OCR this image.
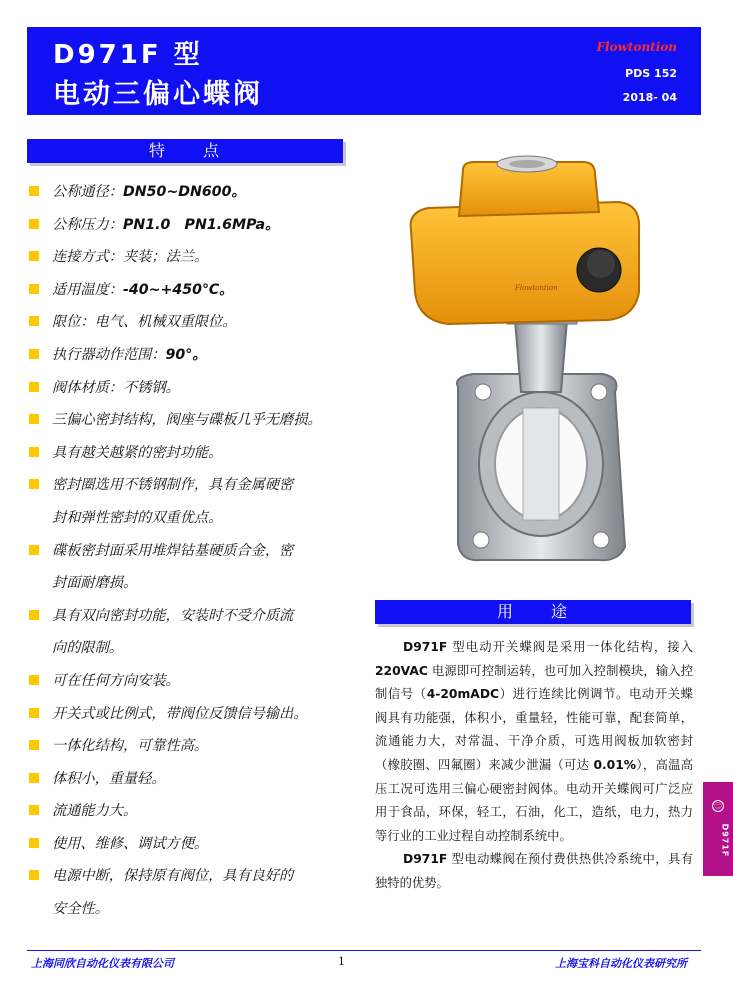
D971F 型
电动三偏心蝶阀
Flowtontion
PDS 152
2018- 04
特　　点
公称通径：DN50~DN600。
公称压力：PN1.0　PN1.6MPa。
连接方式：夹装；法兰。
适用温度：-40~+450℃。
限位：电气、机械双重限位。
执行器动作范围：90°。
阀体材质：不锈钢。
三偏心密封结构，阀座与碟板几乎无磨损。
具有越关越紧的密封功能。
密封圈选用不锈钢制作，具有金属硬密
封和弹性密封的双重优点。
碟板密封面采用堆焊钴基硬质合金，密
封面耐磨损。
具有双向密封功能，安装时不受介质流
向的限制。
可在任何方向安装。
开关式或比例式，带阀位反馈信号输出。
一体化结构，可靠性高。
体积小，重量轻。
流通能力大。
使用、维修、调试方便。
电源中断，保持原有阀位，具有良好的
安全性。
Flowtontion
用　　途

D971F 型电动开关蝶阀是采用一体化结构，接入 220VAC 电源即可控制运转，也可加入控制模块，输入控制信号（4-20mADC）进行连续比例调节。电动开关蝶阀具有功能强，体积小，重量轻，性能可靠，配套简单，流通能力大，对常温、干净介质，可选用阀板加软密封（橡胶圈、四氟圈）来减少泄漏（可达 0.01%），高温高压工况可选用三偏心硬密封阀体。电动开关蝶阀可广泛应用于食品，环保，轻工，石油，化工，造纸，电力，热力等行业的工业过程自动控制系统中。

D971F 型电动蝶阀在预付费供热供冷系统中，具有独特的优势。

㊁
D971F
上海同欣自动化仪表有限公司	1	上海宝科自动化仪表研究所
